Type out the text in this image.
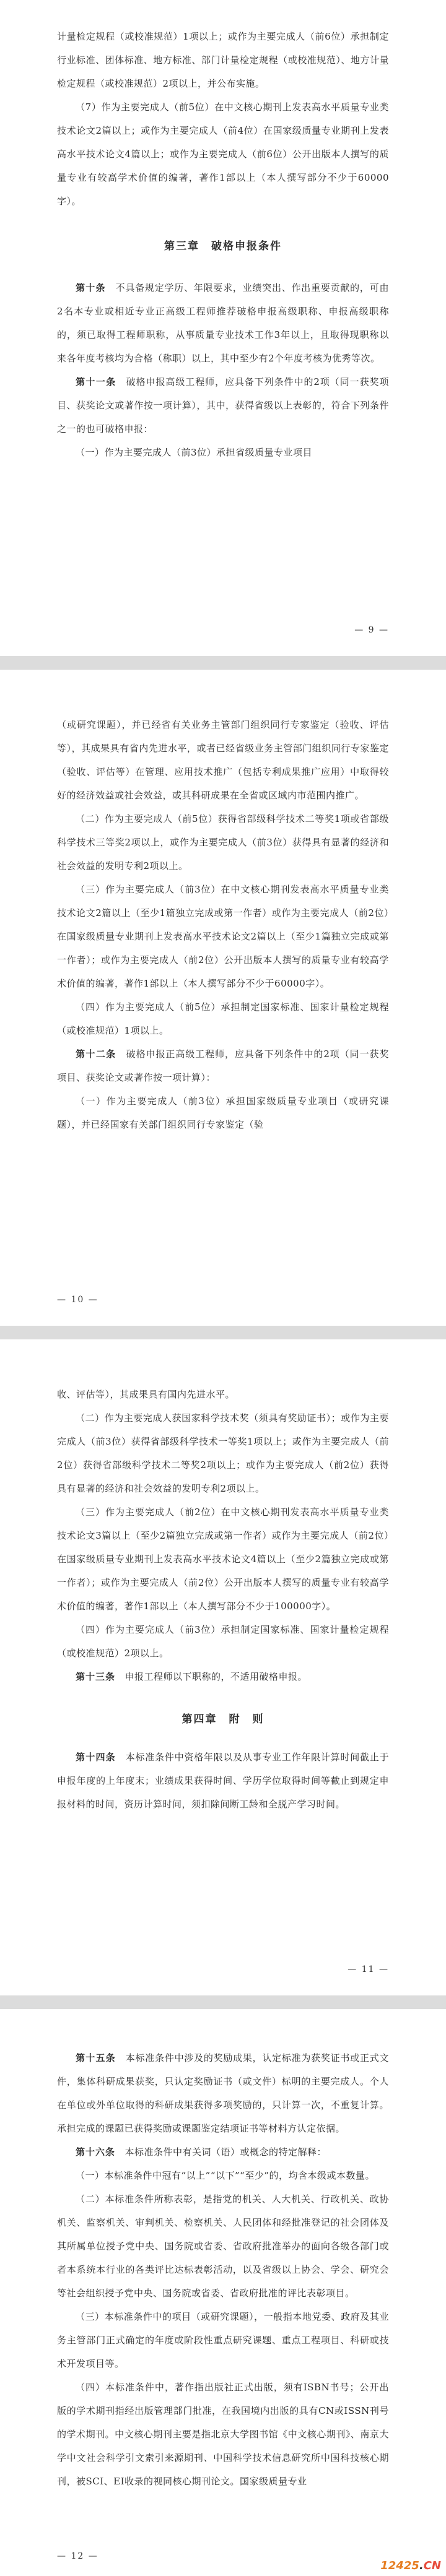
计量检定规程（或校准规范）1项以上；或作为主要完成人（前6位）承担制定行业标准、团体标准、地方标准、部门计量检定规程（或校准规范）、地方计量检定规程（或校准规范）2项以上，并公布实施。

（7）作为主要完成人（前5位）在中文核心期刊上发表高水平质量专业类技术论文2篇以上；或作为主要完成人（前4位）在国家级质量专业期刊上发表高水平技术论文4篇以上；或作为主要完成人（前6位）公开出版本人撰写的质量专业有较高学术价值的编著，著作1部以上（本人撰写部分不少于60000字）。

第三章　破格申报条件

第十条　 不具备规定学历、年限要求，业绩突出、作出重要贡献的，可由2名本专业或相近专业正高级工程师推荐破格申报高级职称、申报高级职称的，须已取得工程师职称，从事质量专业技术工作3年以上，且取得现职称以来各年度考核均为合格（称职）以上，其中至少有2个年度考核为优秀等次。

第十一条　 破格申报高级工程师，应具备下列条件中的2项（同一获奖项目、获奖论文或著作按一项计算），其中，获得省级以上表彰的，符合下列条件之一的也可破格申报：

（一）作为主要完成人（前3位）承担省级质量专业项目

— 9 —

（或研究课题），并已经省有关业务主管部门组织同行专家鉴定（验收、评估等），其成果具有省内先进水平，或者已经省级业务主管部门组织同行专家鉴定（验收、评估等）在管理、应用技术推广（包括专利成果推广应用）中取得较好的经济效益或社会效益，或其科研成果在全省或区域内市范围内推广。

（二）作为主要完成人（前5位）获得省部级科学技术二等奖1项或省部级科学技术三等奖2项以上，或作为主要完成人（前3位）获得具有显著的经济和社会效益的发明专利2项以上。

（三）作为主要完成人（前3位）在中文核心期刊发表高水平质量专业类技术论文2篇以上（至少1篇独立完成或第一作者）或作为主要完成人（前2位）在国家级质量专业期刊上发表高水平技术论文2篇以上（至少1篇独立完成或第一作者）；或作为主要完成人（前2位）公开出版本人撰写的质量专业有较高学术价值的编著，著作1部以上（本人撰写部分不少于60000字）。

（四）作为主要完成人（前5位）承担制定国家标准、国家计量检定规程（或校准规范）1项以上。

第十二条　 破格申报正高级工程师，应具备下列条件中的2项（同一获奖项目、获奖论文或著作按一项计算）：

（一）作为主要完成人（前3位）承担国家级质量专业项目（或研究课题），并已经国家有关部门组织同行专家鉴定（验

— 10 —

收、评估等），其成果具有国内先进水平。

（二）作为主要完成人获国家科学技术奖（须具有奖励证书）；或作为主要完成人（前3位）获得省部级科学技术一等奖1项以上；或作为主要完成人（前2位）获得省部级科学技术二等奖2项以上；或作为主要完成人（前2位）获得具有显著的经济和社会效益的发明专利2项以上。

（三）作为主要完成人（前2位）在中文核心期刊发表高水平质量专业类技术论文3篇以上（至少2篇独立完成或第一作者）或作为主要完成人（前2位）在国家级质量专业期刊上发表高水平技术论文4篇以上（至少2篇独立完成或第一作者）；或作为主要完成人（前2位）公开出版本人撰写的质量专业有较高学术价值的编著，著作1部以上（本人撰写部分不少于100000字）。

（四）作为主要完成人（前3位）承担制定国家标准、国家计量检定规程（或校准规范）2项以上。

第十三条　 申报工程师以下职称的，不适用破格申报。

第四章　附　则

第十四条　 本标准条件中资格年限以及从事专业工作年限计算时间截止于申报年度的上年度末；业绩成果获得时间、学历学位取得时间等截止到规定申报材料的时间，资历计算时间，须扣除间断工龄和全脱产学习时间。

— 11 —

第十五条　 本标准条件中涉及的奖励成果，认定标准为获奖证书或正式文件，集体科研成果获奖，只认定奖励证书（或文件）标明的主要完成人。个人在单位或外单位取得的科研成果获得多项奖励的，只计算一次，不重复计算。承担完成的课题已获得奖励或课题鉴定结项证书等材料方认定依据。

第十六条　 本标准条件中有关词（语）或概念的特定解释：

（一）本标准条件中冠有“以上”“以下”“至少”的，均含本级或本数量。

（二）本标准条件所称表彰，是指党的机关、人大机关、行政机关、政协机关、监察机关、审判机关、检察机关、人民团体和经批准登记的社会团体及其所属单位授予党中央、国务院或省委、省政府批准举办的面向各级各部门或者本系统本行业的各类评比达标表彰活动，以及省级以上协会、学会、研究会等社会组织授予党中央、国务院或省委、省政府批准的评比表彰项目。

（三）本标准条件中的项目（或研究课题），一般指本地党委、政府及其业务主管部门正式确定的年度或阶段性重点研究课题、重点工程项目、科研或技术开发项目等。

（四）本标准条件中，著作指出版社正式出版，须有ISBN书号；公开出版的学术期刊指经出版管理部门批准，在我国境内出版的具有CN或ISSN刊号的学术期刊。中文核心期刊主要是指北京大学图书馆《中文核心期刊》、南京大学中文社会科学引文索引来源期刊、中国科学技术信息研究所中国科技核心期刊，被SCI、EI收录的视同核心期刊论文。国家级质量专业

— 12 —
12425.CN
